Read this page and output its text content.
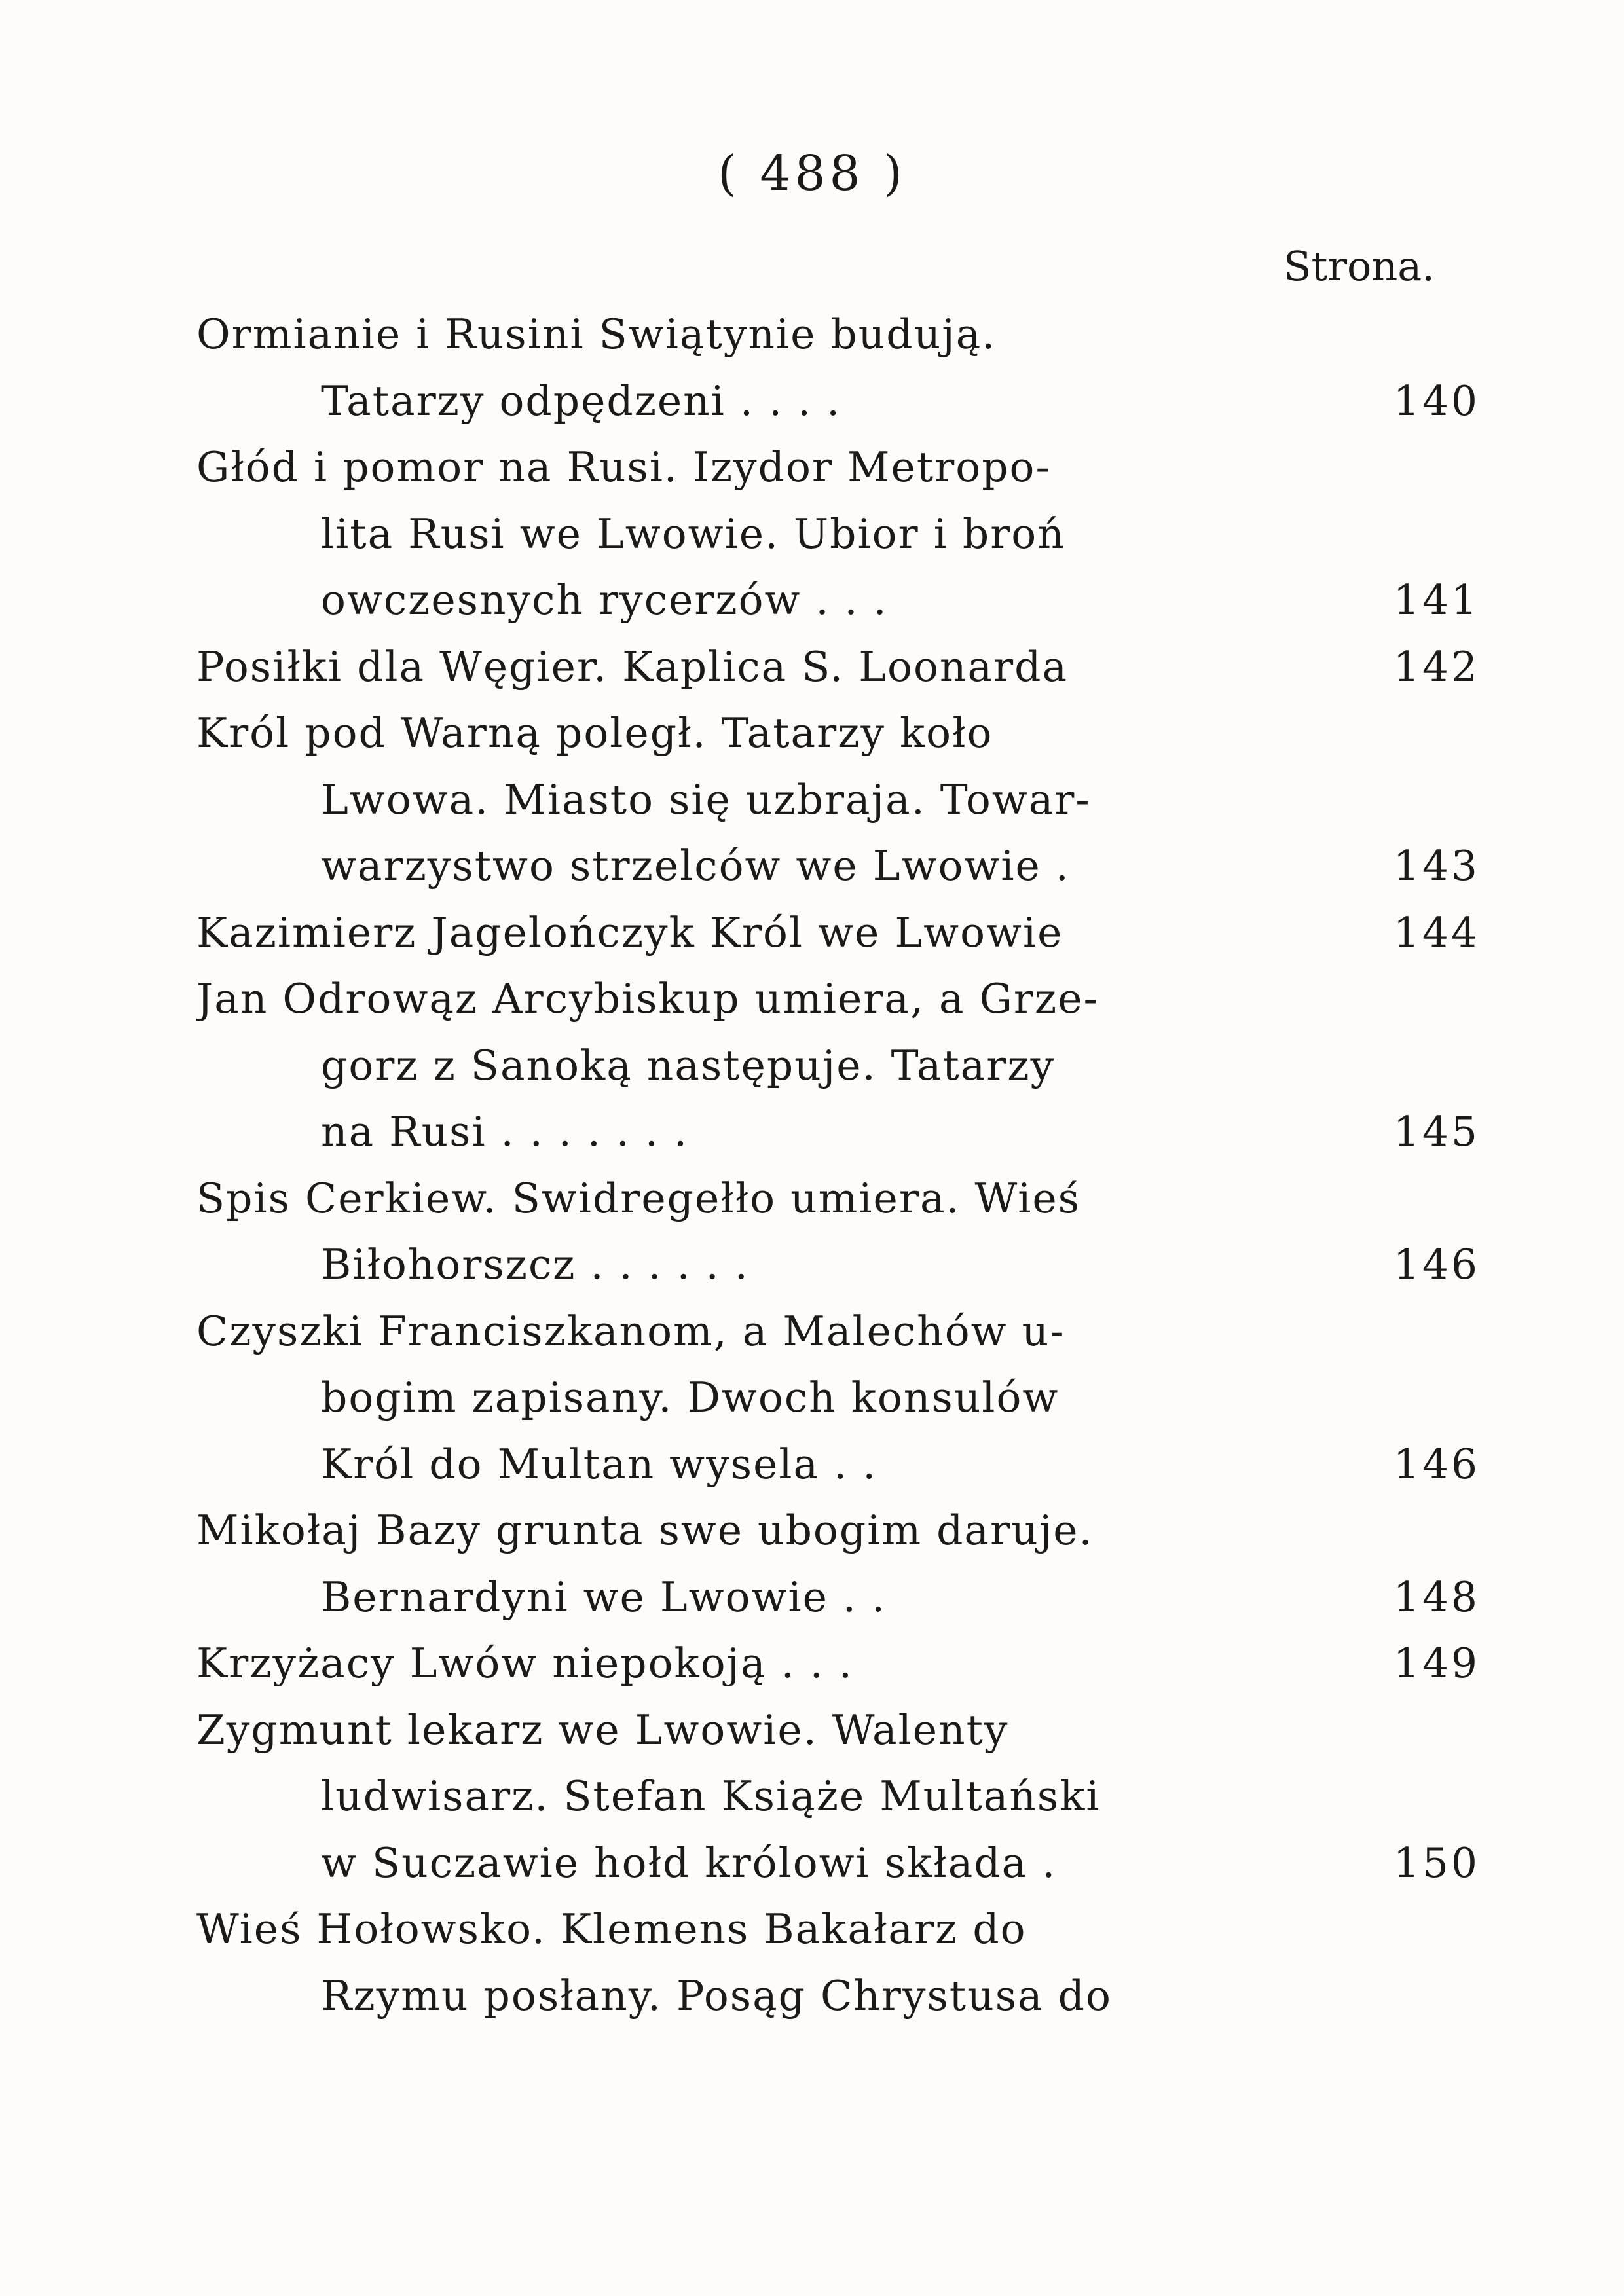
( 488 )
Strona.
Ormianie i Rusini Swiątynie budują.
Tatarzy odpędzeni . . . .	140
Głód i pomor na Rusi. Izydor Metropo-
lita Rusi we Lwowie. Ubior i broń
owczesnych rycerzów . . .	141
Posiłki dla Węgier. Kaplica S. Loonarda	142
Król pod Warną poległ. Tatarzy koło
Lwowa. Miasto się uzbraja. Towar-
warzystwo strzelców we Lwowie .	143
Kazimierz Jagelończyk Król we Lwowie	144
Jan Odrowąz Arcybiskup umiera, a Grze-
gorz z Sanoką następuje. Tatarzy
na Rusi . . . . . . .	145
Spis Cerkiew. Swidregełło umiera. Wieś
Biłohorszcz . . . . . .	146
Czyszki Franciszkanom, a Malechów u-
bogim zapisany. Dwoch konsulów
Król do Multan wysela . .	146
Mikołaj Bazy grunta swe ubogim daruje.
Bernardyni we Lwowie . .	148
Krzyżacy Lwów niepokoją . . .	149
Zygmunt lekarz we Lwowie. Walenty
ludwisarz. Stefan Książe Multański
w Suczawie hołd królowi składa .	150
Wieś Hołowsko. Klemens Bakałarz do
Rzymu posłany. Posąg Chrystusa do
